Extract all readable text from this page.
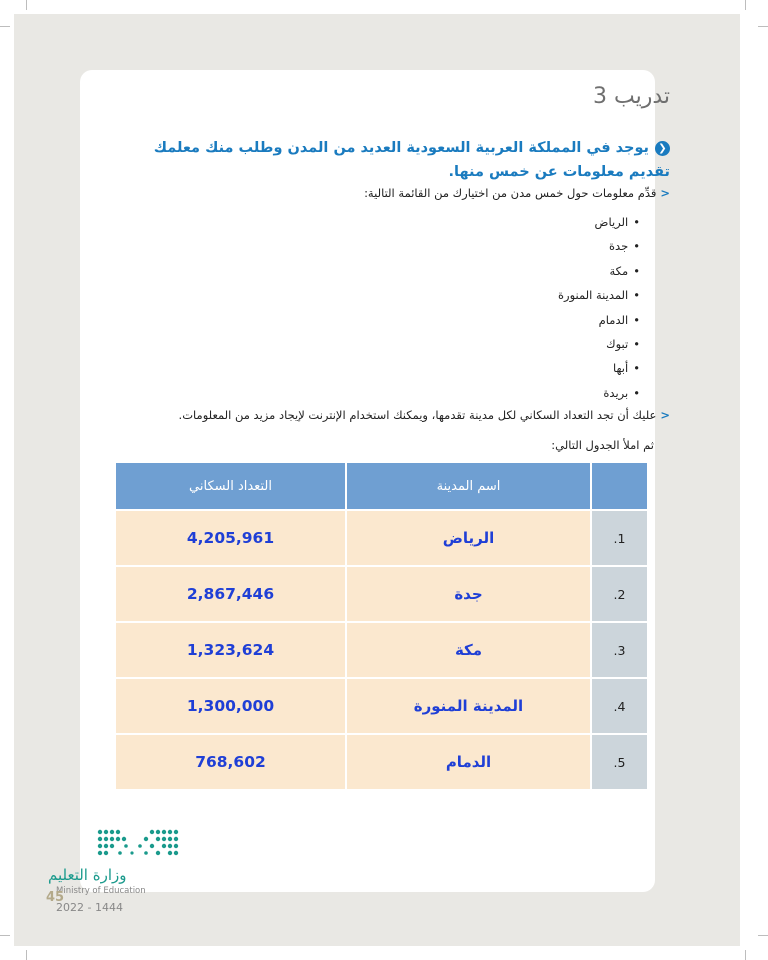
تدريب 3
❮يوجد في المملكة العربية السعودية العديد من المدن وطلب منك معلمك تقديم معلومات عن خمس منها.
<قدِّم معلومات حول خمس مدن من اختيارك من القائمة التالية:
• الرياض
• جدة
• مكة
• المدينة المنورة
• الدمام
• تبوك
• أبها
• بريدة
<عليك أن تجد التعداد السكاني لكل مدينة تقدمها، ويمكنك استخدام الإنترنت لإيجاد مزيد من المعلومات.
ثم املأ الجدول التالي:
	اسم المدينة	التعداد السكاني
1.	الرياض	4,205,961
2.	جدة	2,867,446
3.	مكة	1,323,624
4.	المدينة المنورة	1,300,000
5.	الدمام	768,602
وزارة التعليم
Ministry of Education
45
2022 - 1444
